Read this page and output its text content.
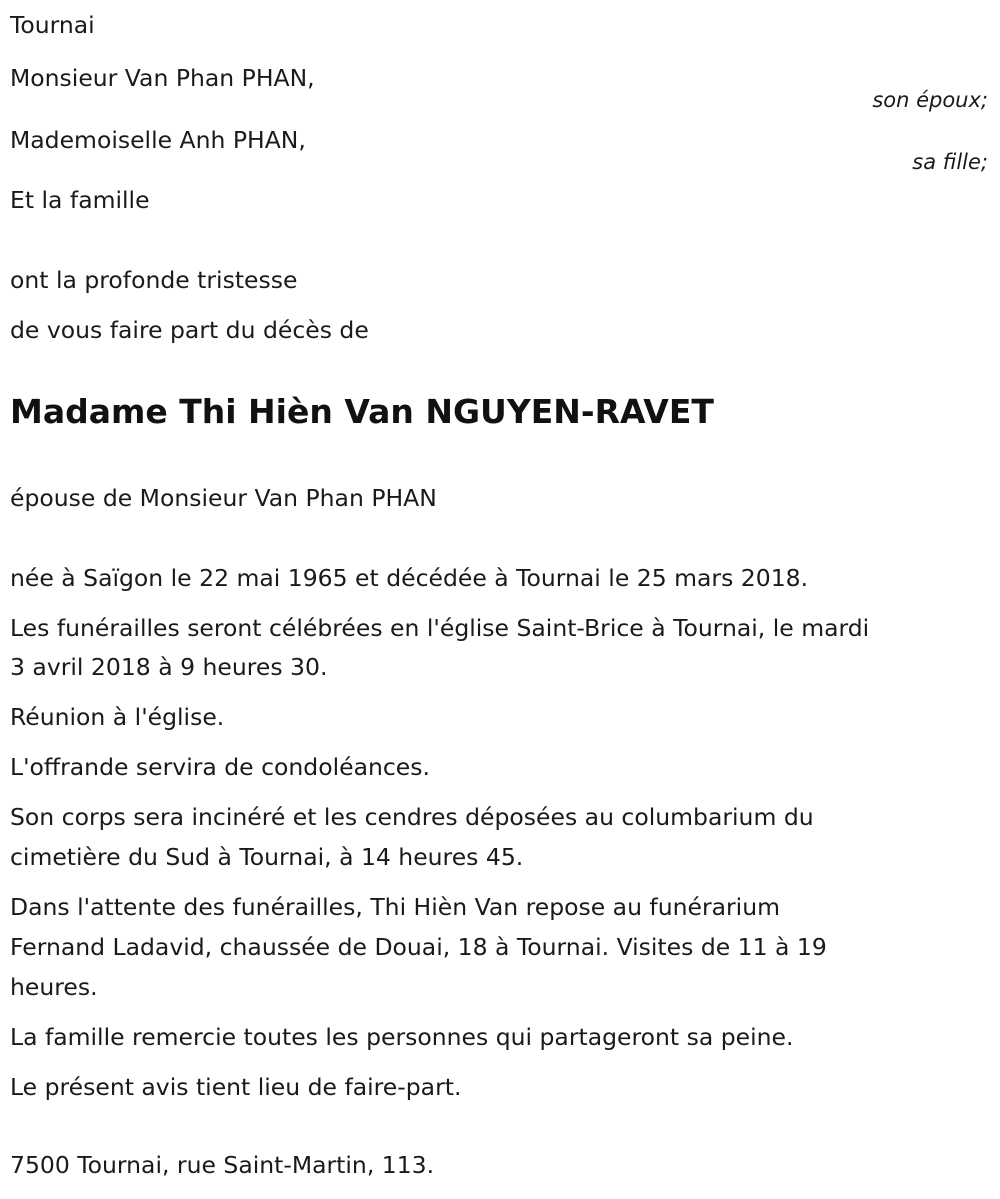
Tournai
Monsieur Van Phan PHAN,
son époux;
Mademoiselle Anh PHAN,
sa fille;
Et la famille
ont la profonde tristesse
de vous faire part du décès de
Madame Thi Hièn Van NGUYEN-RAVET
épouse de Monsieur Van Phan PHAN
née à Saïgon le 22 mai 1965 et décédée à Tournai le 25 mars 2018.
Les funérailles seront célébrées en l'église Saint-Brice à Tournai, le mardi
3 avril 2018 à 9 heures 30.
Réunion à l'église.
L'offrande servira de condoléances.
Son corps sera incinéré et les cendres déposées au columbarium du
cimetière du Sud à Tournai, à 14 heures 45.
Dans l'attente des funérailles, Thi Hièn Van repose au funérarium
Fernand Ladavid, chaussée de Douai, 18 à Tournai. Visites de 11 à 19
heures.
La famille remercie toutes les personnes qui partageront sa peine.
Le présent avis tient lieu de faire-part.
7500 Tournai, rue Saint-Martin, 113.
